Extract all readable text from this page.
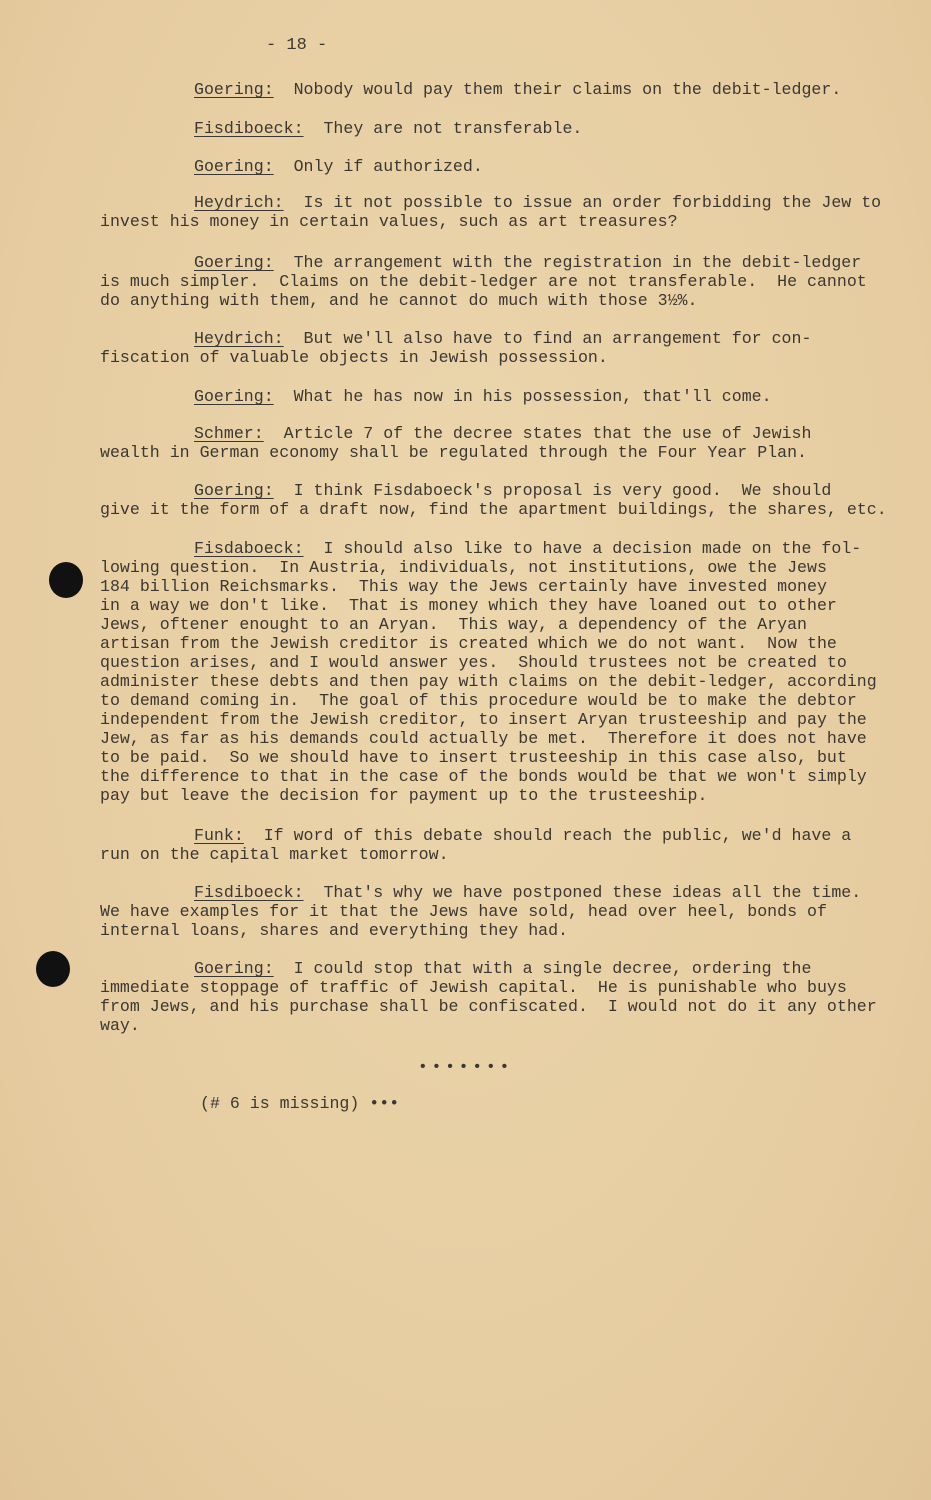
- 18 -
Goering: Nobody would pay them their claims on the debit-ledger.
Fisdiboeck: They are not transferable.
Goering: Only if authorized.
Heydrich: Is it not possible to issue an order forbidding the Jew to
invest his money in certain values, such as art treasures?
Goering: The arrangement with the registration in the debit-ledger
is much simpler.  Claims on the debit-ledger are not transferable.  He cannot
do anything with them, and he cannot do much with those 3½%.
Heydrich: But we'll also have to find an arrangement for con-
fiscation of valuable objects in Jewish possession.
Goering: What he has now in his possession, that'll come.
Schmer: Article 7 of the decree states that the use of Jewish
wealth in German economy shall be regulated through the Four Year Plan.
Goering: I think Fisdaboeck's proposal is very good.  We should
give it the form of a draft now, find the apartment buildings, the shares, etc.
Fisdaboeck: I should also like to have a decision made on the fol-
lowing question.  In Austria, individuals, not institutions, owe the Jews
184 billion Reichsmarks.  This way the Jews certainly have invested money
in a way we don't like.  That is money which they have loaned out to other
Jews, oftener enought to an Aryan.  This way, a dependency of the Aryan
artisan from the Jewish creditor is created which we do not want.  Now the
question arises, and I would answer yes.  Should trustees not be created to
administer these debts and then pay with claims on the debit-ledger, according
to demand coming in.  The goal of this procedure would be to make the debtor
independent from the Jewish creditor, to insert Aryan trusteeship and pay the
Jew, as far as his demands could actually be met.  Therefore it does not have
to be paid.  So we should have to insert trusteeship in this case also, but
the difference to that in the case of the bonds would be that we won't simply
pay but leave the decision for payment up to the trusteeship.
Funk: If word of this debate should reach the public, we'd have a
run on the capital market tomorrow.
Fisdiboeck: That's why we have postponed these ideas all the time.
We have examples for it that the Jews have sold, head over heel, bonds of
internal loans, shares and everything they had.
Goering: I could stop that with a single decree, ordering the
immediate stoppage of traffic of Jewish capital.  He is punishable who buys
from Jews, and his purchase shall be confiscated.  I would not do it any other
way.
•••••••
(# 6 is missing) •••
